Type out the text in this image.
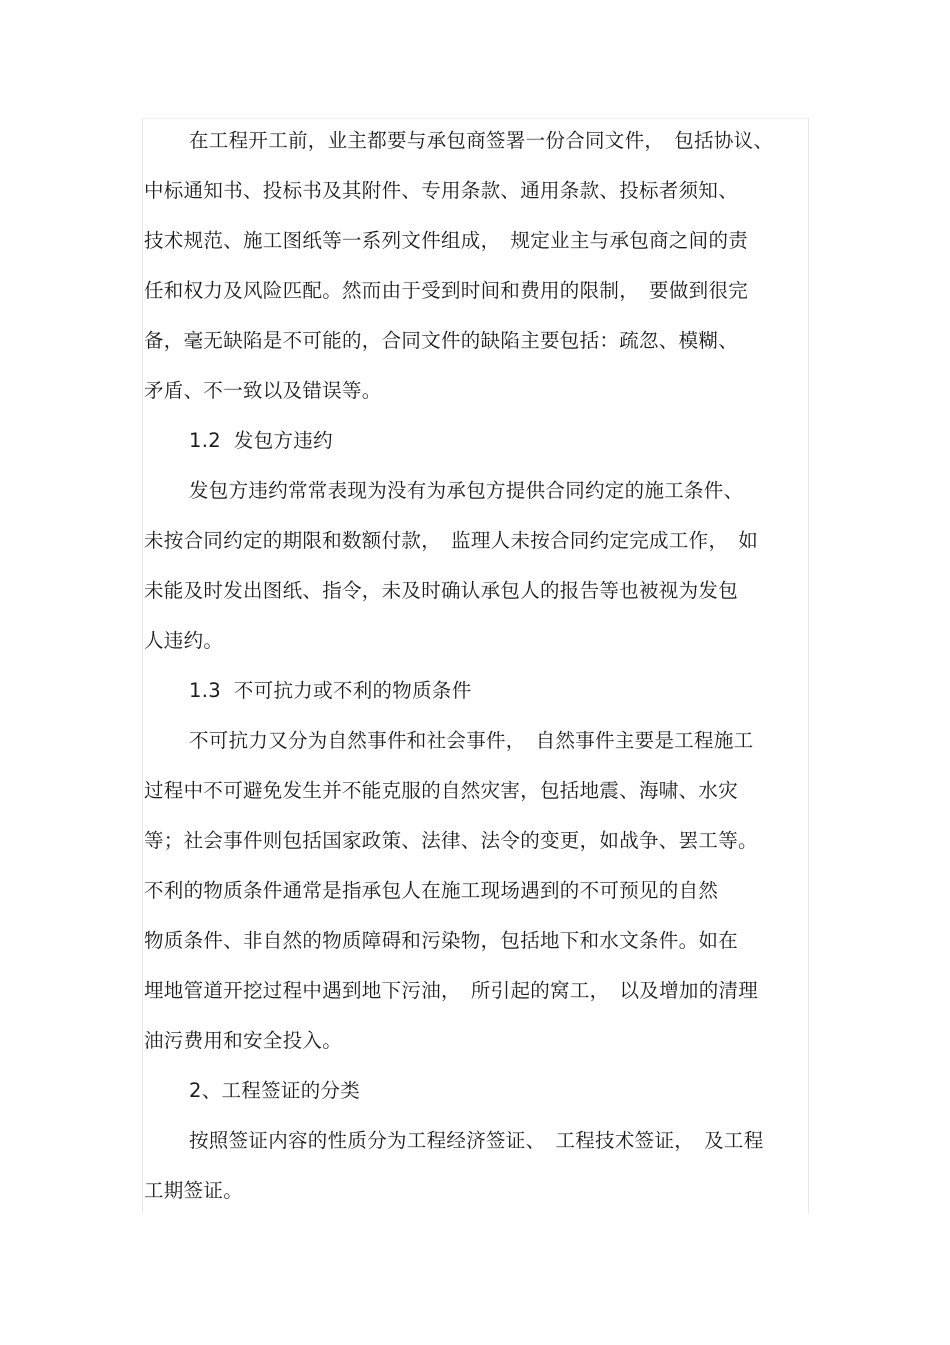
在工程开工前，业主都要与承包商签署一份合同文件，　包括协议、
中标通知书、投标书及其附件、专用条款、通用条款、投标者须知、
技术规范、施工图纸等一系列文件组成，　规定业主与承包商之间的责
任和权力及风险匹配。然而由于受到时间和费用的限制，　要做到很完
备，毫无缺陷是不可能的，合同文件的缺陷主要包括：疏忽、模糊、
矛盾、不一致以及错误等。
1.2  发包方违约
发包方违约常常表现为没有为承包方提供合同约定的施工条件、
未按合同约定的期限和数额付款，　监理人未按合同约定完成工作，　如
未能及时发出图纸、指令，未及时确认承包人的报告等也被视为发包
人违约。
1.3  不可抗力或不利的物质条件
不可抗力又分为自然事件和社会事件，　自然事件主要是工程施工
过程中不可避免发生并不能克服的自然灾害，包括地震、海啸、水灾
等；社会事件则包括国家政策、法律、法令的变更，如战争、罢工等。
不利的物质条件通常是指承包人在施工现场遇到的不可预见的自然
物质条件、非自然的物质障碍和污染物，包括地下和水文条件。如在
埋地管道开挖过程中遇到地下污油，　所引起的窝工，　以及增加的清理
油污费用和安全投入。
2、工程签证的分类
按照签证内容的性质分为工程经济签证、　工程技术签证，　及工程
工期签证。
